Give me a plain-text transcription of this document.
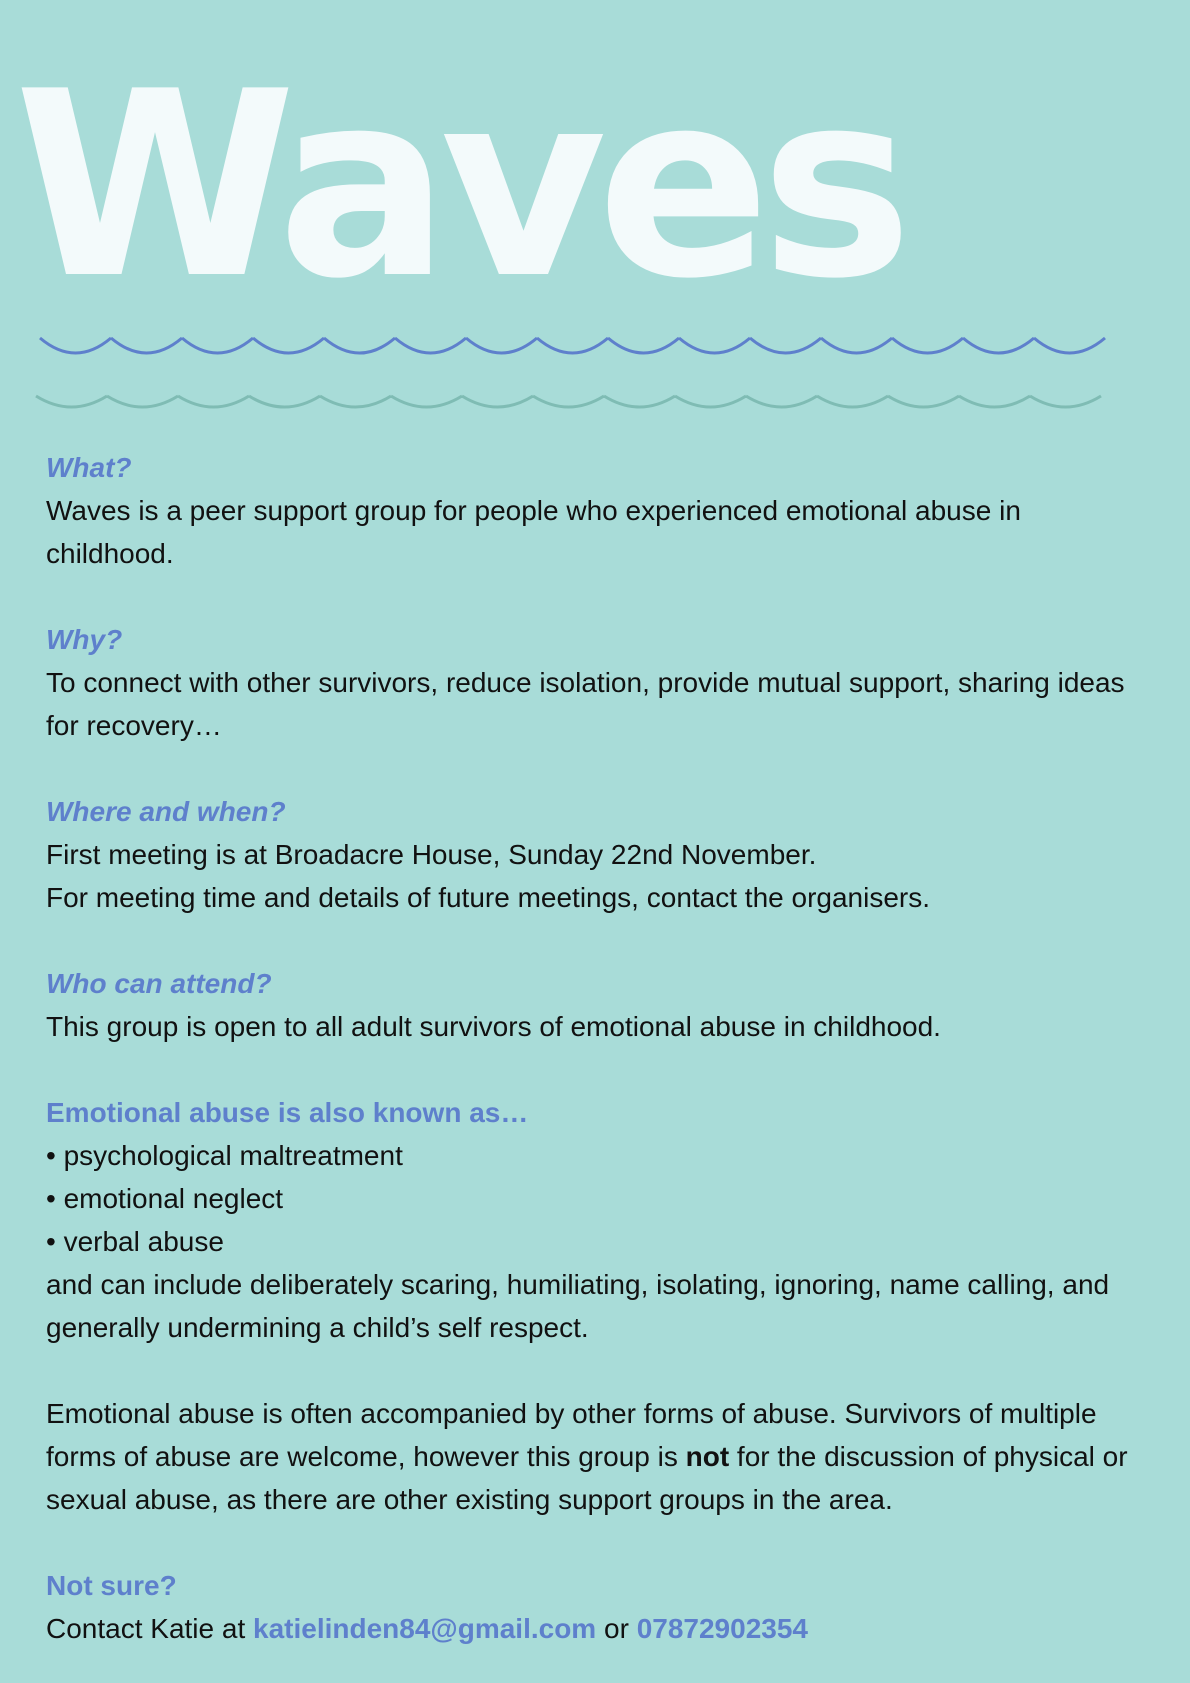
Waves

What?

Waves is a peer support group for people who experienced emotional abuse in childhood.

Why?

To connect with other survivors, reduce isolation, provide mutual support, sharing ideas for recovery…

Where and when?

First meeting is at Broadacre House, Sunday 22nd November.

For meeting time and details of future meetings, contact the organisers.

Who can attend?

This group is open to all adult survivors of emotional abuse in childhood.

Emotional abuse is also known as…

• psychological maltreatment

• emotional neglect

• verbal abuse

and can include deliberately scaring, humiliating, isolating, ignoring, name calling, and generally undermining a child’s self respect.

Emotional abuse is often accompanied by other forms of abuse. Survivors of multiple forms of abuse are welcome, however this group is not for the discussion of physical or sexual abuse, as there are other existing support groups in the area.

Not sure?

Contact Katie at katielinden84@gmail.com or 07872902354
